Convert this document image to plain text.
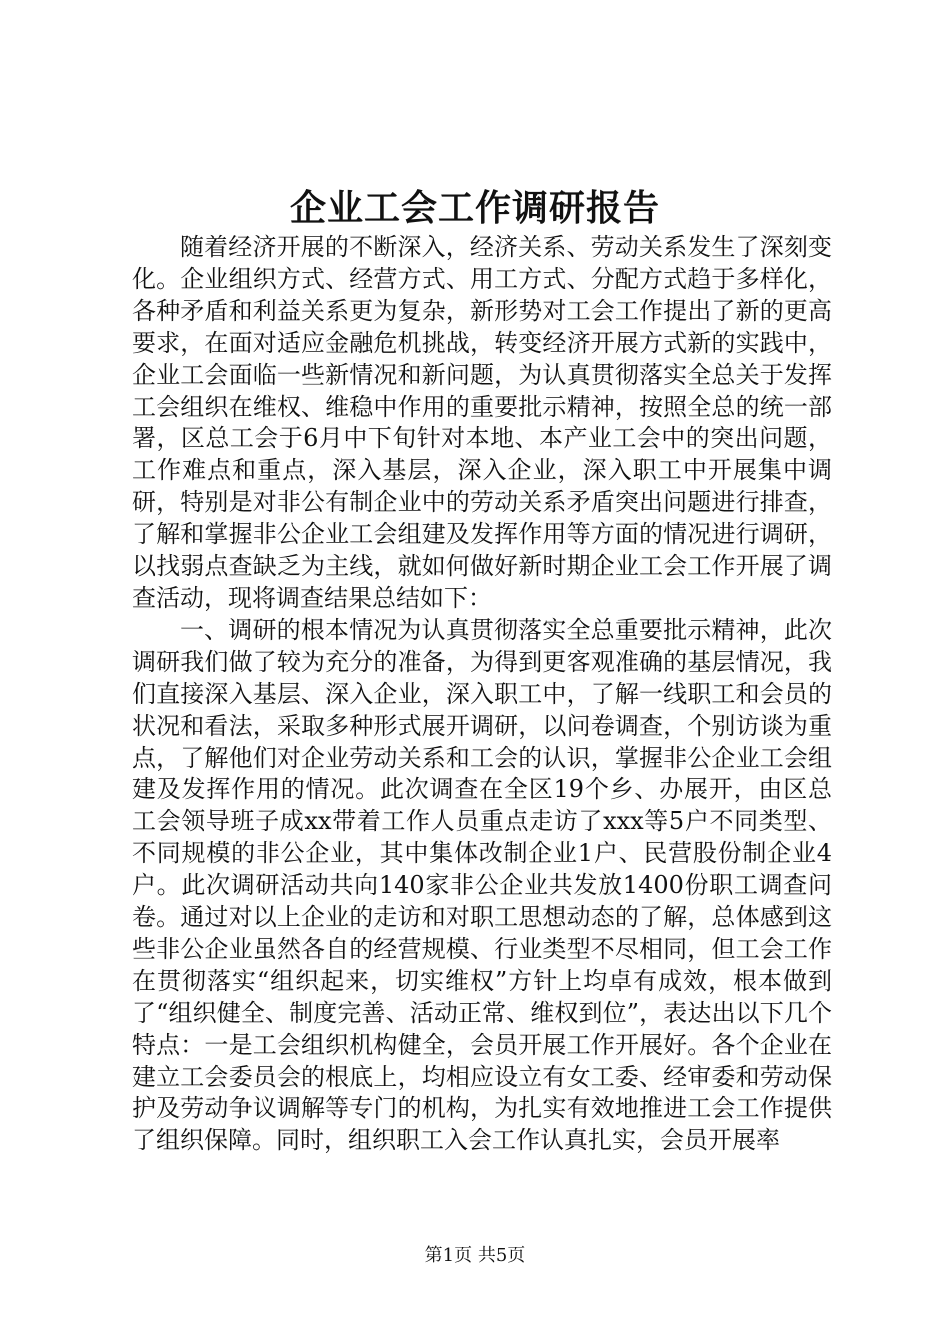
企业工会工作调研报告

随着经济开展的不断深入，经济关系、劳动关系发生了深刻变化。企业组织方式、经营方式、用工方式、分配方式趋于多样化，各种矛盾和利益关系更为复杂，新形势对工会工作提出了新的更高要求，在面对适应金融危机挑战，转变经济开展方式新的实践中，企业工会面临一些新情况和新问题，为认真贯彻落实全总关于发挥工会组织在维权、维稳中作用的重要批示精神，按照全总的统一部署，区总工会于6月中下旬针对本地、本产业工会中的突出问题，工作难点和重点，深入基层，深入企业，深入职工中开展集中调研，特别是对非公有制企业中的劳动关系矛盾突出问题进行排查，了解和掌握非公企业工会组建及发挥作用等方面的情况进行调研，以找弱点查缺乏为主线，就如何做好新时期企业工会工作开展了调查活动，现将调查结果总结如下：

一、调研的根本情况为认真贯彻落实全总重要批示精神，此次调研我们做了较为充分的准备，为得到更客观准确的基层情况，我们直接深入基层、深入企业，深入职工中，了解一线职工和会员的状况和看法，采取多种形式展开调研，以问卷调查，个别访谈为重点，了解他们对企业劳动关系和工会的认识，掌握非公企业工会组建及发挥作用的情况。此次调查在全区19个乡、办展开，由区总工会领导班子成xx带着工作人员重点走访了xxx等5户不同类型、不同规模的非公企业，其中集体改制企业1户、民营股份制企业4户。此次调研活动共向140家非公企业共发放1400份职工调查问卷。通过对以上企业的走访和对职工思想动态的了解，总体感到这些非公企业虽然各自的经营规模、行业类型不尽相同，但工会工作在贯彻落实“组织起来，切实维权”方针上均卓有成效，根本做到了“组织健全、制度完善、活动正常、维权到位”，表达出以下几个特点：一是工会组织机构健全，会员开展工作开展好。各个企业在建立工会委员会的根底上，均相应设立有女工委、经审委和劳动保护及劳动争议调解等专门的机构，为扎实有效地推进工会工作提供了组织保障。同时，组织职工入会工作认真扎实，会员开展率

第1页 共5页
